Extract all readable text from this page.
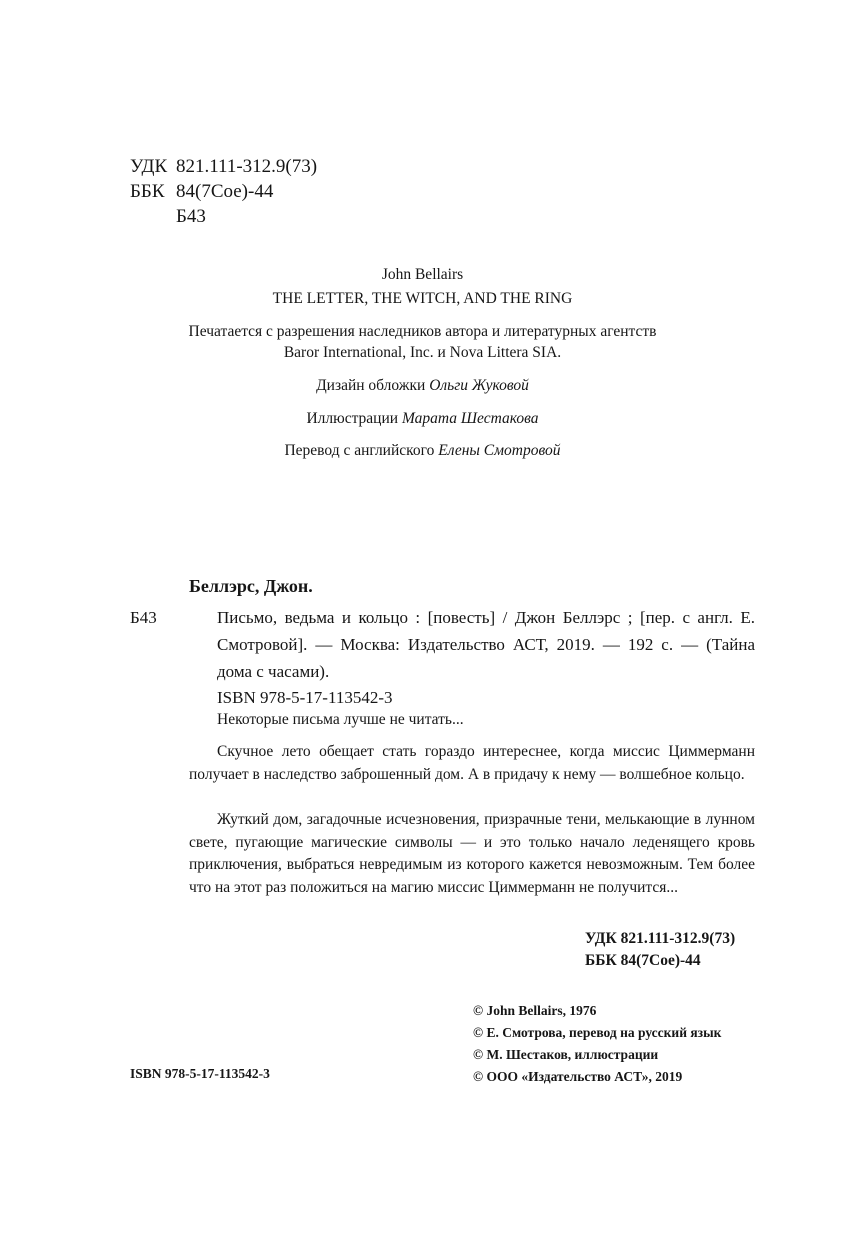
УДК 821.111-312.9(73)
ББК 84(7Сое)-44
Б43
John Bellairs
THE LETTER, THE WITCH, AND THE RING
Печатается с разрешения наследников автора и литературных агентств
Baror International, Inc. и Nova Littera SIA.
Дизайн обложки Ольги Жуковой
Иллюстрации Марата Шестакова
Перевод с английского Елены Смотровой
Беллэрс, Джон.
Б43	Письмо, ведьма и кольцо : [повесть] / Джон Беллэрс ; [пер. с англ. Е. Смотровой]. — Москва: Издательство АСТ, 2019. — 192 с. — (Тайна дома с часами).
ISBN 978-5-17-113542-3
Некоторые письма лучше не читать...
Скучное лето обещает стать гораздо интереснее, когда миссис Циммерманн получает в наследство заброшенный дом. А в придачу к нему — волшебное кольцо.
Жуткий дом, загадочные исчезновения, призрачные тени, мелькающие в лунном свете, пугающие магические символы — и это только начало леденящего кровь приключения, выбраться невредимым из которого кажется невозможным. Тем более что на этот раз положиться на магию миссис Циммерманн не получится...
УДК 821.111-312.9(73)
ББК 84(7Сое)-44
© John Bellairs, 1976
© Е. Смотрова, перевод на русский язык
© М. Шестаков, иллюстрации
© ООО «Издательство АСТ», 2019
ISBN 978-5-17-113542-3
